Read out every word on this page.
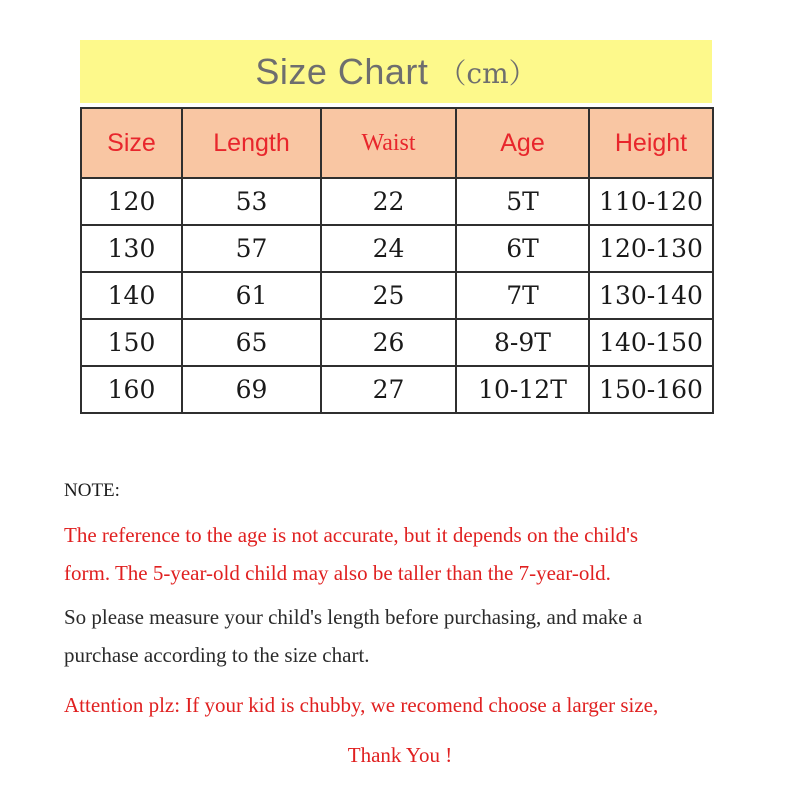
Size Chart （cm）
Size	Length	Waist	Age	Height
120	53	22	5T	110-120
130	57	24	6T	120-130
140	61	25	7T	130-140
150	65	26	8-9T	140-150
160	69	27	10-12T	150-160

NOTE:

The reference to the age is not accurate, but it depends on the child's

form. The 5-year-old child may also be taller than the 7-year-old.

So please measure your child's length before purchasing, and make a

purchase according to the size chart.

Attention plz: If your kid is chubby, we recomend choose a larger size,

Thank You !
